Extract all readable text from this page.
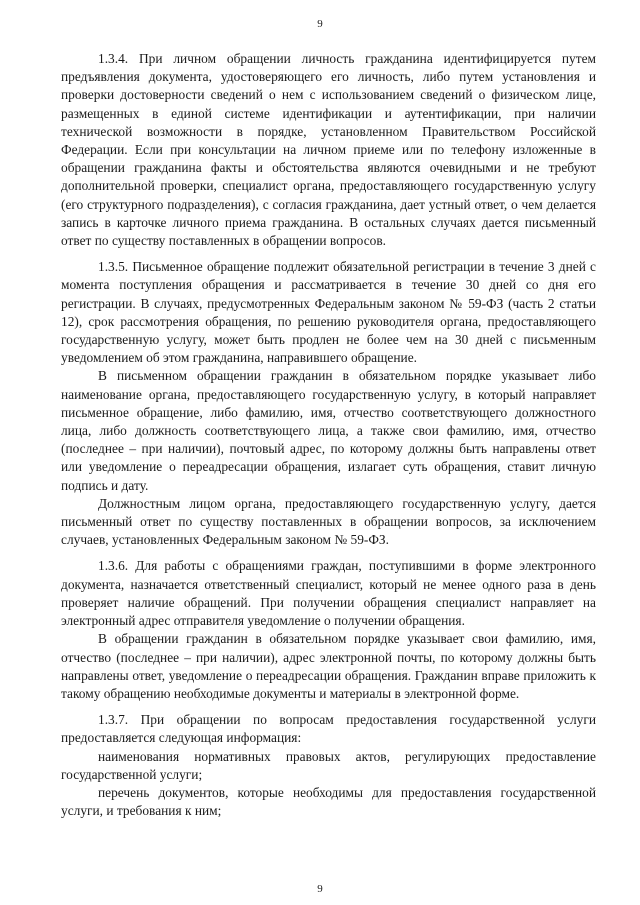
9

1.3.4. При личном обращении личность гражданина идентифицируется путем предъявления документа, удостоверяющего его личность, либо путем установления и проверки достоверности сведений о нем с использованием сведений о физическом лице, размещенных в единой системе идентификации и аутентификации, при наличии технической возможности в порядке, установленном Правительством Российской Федерации. Если при консультации на личном приеме или по телефону изложенные в обращении гражданина факты и обстоятельства являются очевидными и не требуют дополнительной проверки, специалист органа, предоставляющего государственную услугу (его структурного подразделения), с согласия гражданина, дает устный ответ, о чем делается запись в карточке личного приема гражданина. В остальных случаях дается письменный ответ по существу поставленных в обращении вопросов.

1.3.5. Письменное обращение подлежит обязательной регистрации в течение 3 дней с момента поступления обращения и рассматривается в течение 30 дней со дня его регистрации. В случаях, предусмотренных Федеральным законом № 59-ФЗ (часть 2 статьи 12), срок рассмотрения обращения, по решению руководителя органа, предоставляющего государственную услугу, может быть продлен не более чем на 30 дней с письменным уведомлением об этом гражданина, направившего обращение.

В письменном обращении гражданин в обязательном порядке указывает либо наименование органа, предоставляющего государственную услугу, в который направляет письменное обращение, либо фамилию, имя, отчество соответствующего должностного лица, либо должность соответствующего лица, а также свои фамилию, имя, отчество (последнее – при наличии), почтовый адрес, по которому должны быть направлены ответ или уведомление о переадресации обращения, излагает суть обращения, ставит личную подпись и дату.

Должностным лицом органа, предоставляющего государственную услугу, дается письменный ответ по существу поставленных в обращении вопросов, за исключением случаев, установленных Федеральным законом № 59-ФЗ.

1.3.6. Для работы с обращениями граждан, поступившими в форме электронного документа, назначается ответственный специалист, который не менее одного раза в день проверяет наличие обращений. При получении обращения специалист направляет на электронный адрес отправителя уведомление о получении обращения.

В обращении гражданин в обязательном порядке указывает свои фамилию, имя, отчество (последнее – при наличии), адрес электронной почты, по которому должны быть направлены ответ, уведомление о переадресации обращения. Гражданин вправе приложить к такому обращению необходимые документы и материалы в электронной форме.

1.3.7. При обращении по вопросам предоставления государственной услуги предоставляется следующая информация:

наименования нормативных правовых актов, регулирующих предоставление государственной услуги;

перечень документов, которые необходимы для предоставления государственной услуги, и требования к ним;

9
